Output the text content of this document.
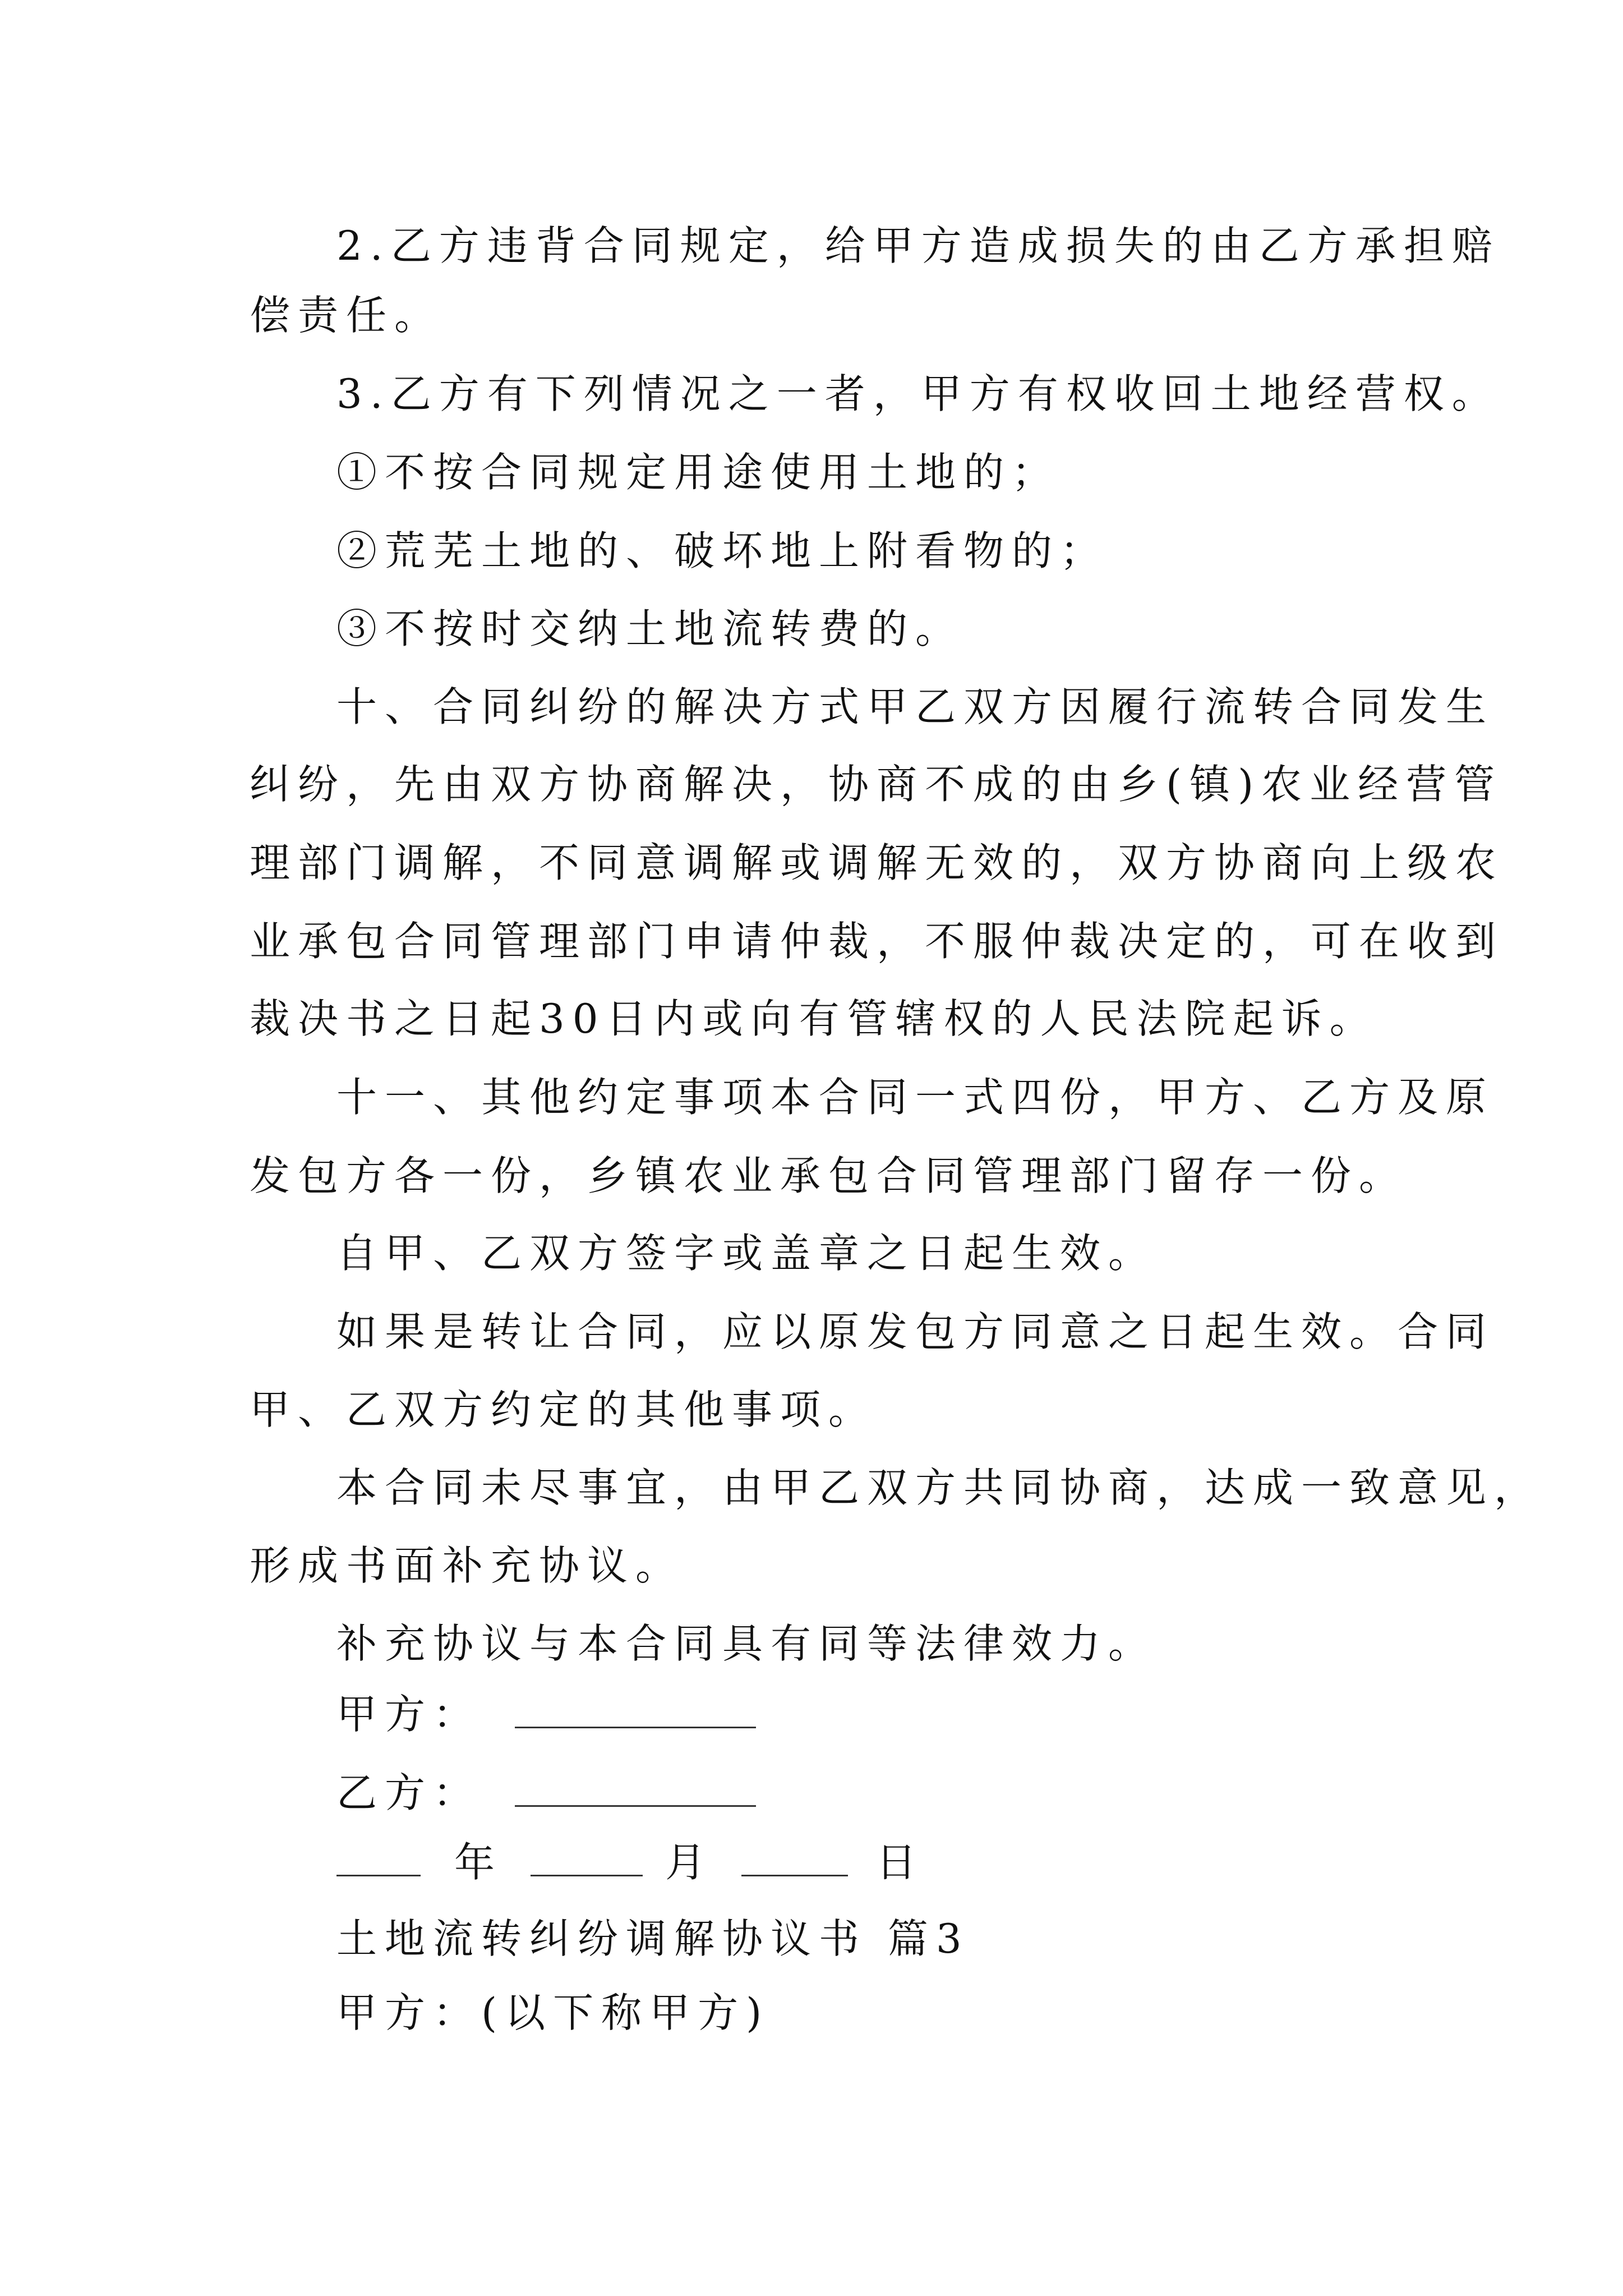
2.乙方违背合同规定，给甲方造成损失的由乙方承担赔
偿责任。
3.乙方有下列情况之一者，甲方有权收回土地经营权。
①不按合同规定用途使用土地的；
②荒芜土地的、破坏地上附看物的；
③不按时交纳土地流转费的。
十、合同纠纷的解决方式甲乙双方因履行流转合同发生
纠纷，先由双方协商解决，协商不成的由乡(镇)农业经营管
理部门调解，不同意调解或调解无效的，双方协商向上级农
业承包合同管理部门申请仲裁，不服仲裁决定的，可在收到
裁决书之日起30日内或向有管辖权的人民法院起诉。
十一、其他约定事项本合同一式四份，甲方、乙方及原
发包方各一份，乡镇农业承包合同管理部门留存一份。
自甲、乙双方签字或盖章之日起生效。
如果是转让合同，应以原发包方同意之日起生效。合同
甲、乙双方约定的其他事项。
本合同未尽事宜，由甲乙双方共同协商，达成一致意见，
形成书面补充协议。
补充协议与本合同具有同等法律效力。
甲方：
乙方：
年	月	日
土地流转纠纷调解协议书 篇3
甲方：(以下称甲方)
